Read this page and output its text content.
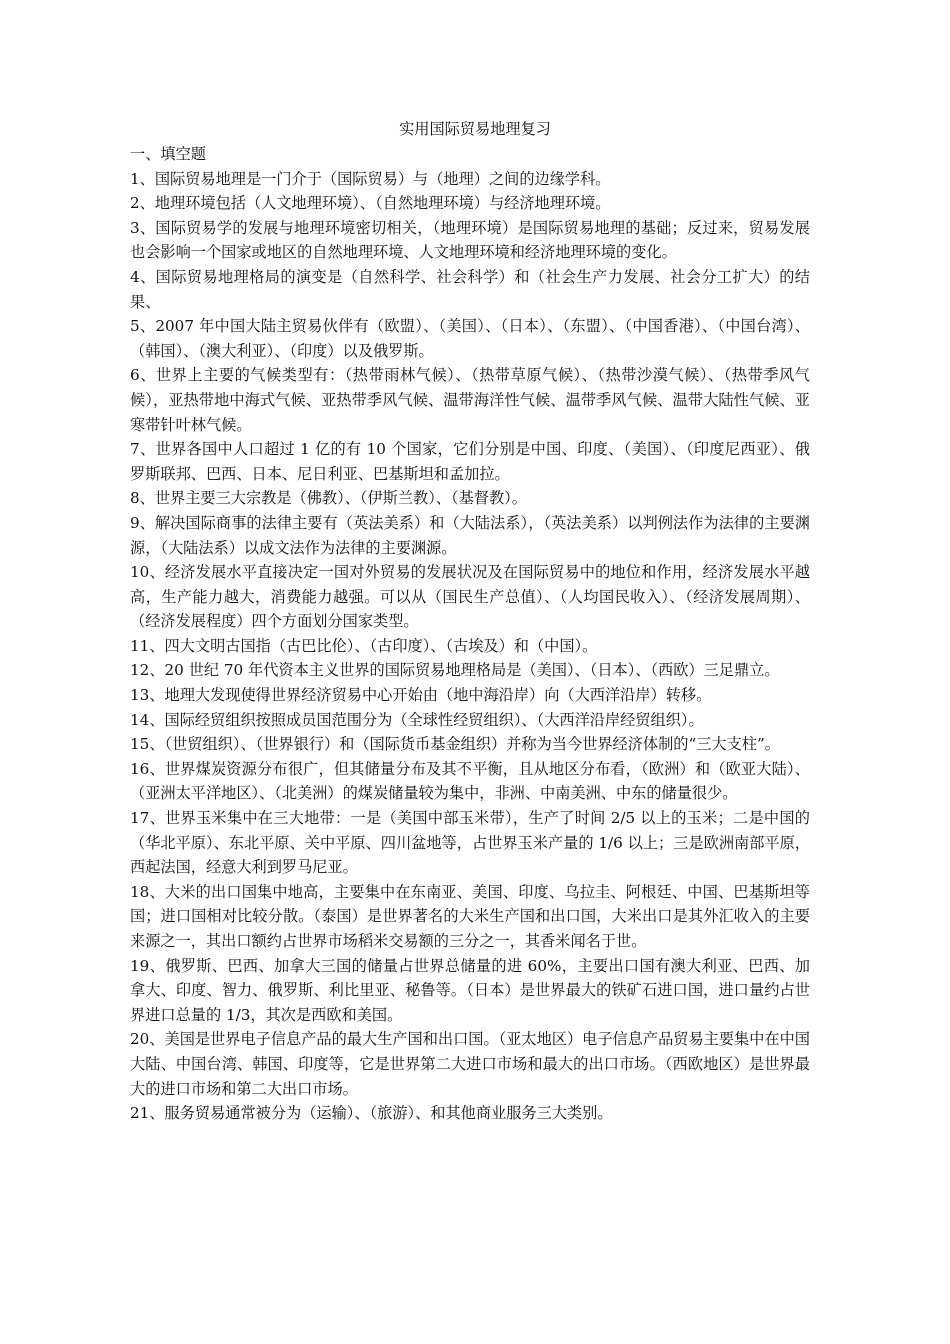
实用国际贸易地理复习

一、填空题

1、国际贸易地理是一门介于（国际贸易）与（地理）之间的边缘学科。

2、地理环境包括（人文地理环境）、（自然地理环境）与经济地理环境。

3、国际贸易学的发展与地理环境密切相关，（地理环境）是国际贸易地理的基础；反过来，贸易发展也会影响一个国家或地区的自然地理环境、人文地理环境和经济地理环境的变化。

4、国际贸易地理格局的演变是（自然科学、社会科学）和（社会生产力发展、社会分工扩大）的结果、

5、2007 年中国大陆主贸易伙伴有（欧盟）、（美国）、（日本）、（东盟）、（中国香港）、（中国台湾）、（韩国）、（澳大利亚）、（印度）以及俄罗斯。

6、世界上主要的气候类型有：（热带雨林气候）、（热带草原气候）、（热带沙漠气候）、（热带季风气候），亚热带地中海式气候、亚热带季风气候、温带海洋性气候、温带季风气候、温带大陆性气候、亚寒带针叶林气候。

7、世界各国中人口超过 1 亿的有 10 个国家，它们分别是中国、印度、（美国）、（印度尼西亚）、俄罗斯联邦、巴西、日本、尼日利亚、巴基斯坦和孟加拉。

8、世界主要三大宗教是（佛教）、（伊斯兰教）、（基督教）。

9、解决国际商事的法律主要有（英法美系）和（大陆法系），（英法美系）以判例法作为法律的主要渊源，（大陆法系）以成文法作为法律的主要渊源。

10、经济发展水平直接决定一国对外贸易的发展状况及在国际贸易中的地位和作用，经济发展水平越高，生产能力越大，消费能力越强。可以从（国民生产总值）、（人均国民收入）、（经济发展周期）、（经济发展程度）四个方面划分国家类型。

11、四大文明古国指（古巴比伦）、（古印度）、（古埃及）和（中国）。

12、20 世纪 70 年代资本主义世界的国际贸易地理格局是（美国）、（日本）、（西欧）三足鼎立。

13、地理大发现使得世界经济贸易中心开始由（地中海沿岸）向（大西洋沿岸）转移。

14、国际经贸组织按照成员国范围分为（全球性经贸组织）、（大西洋沿岸经贸组织）。

15、（世贸组织）、（世界银行）和（国际货币基金组织）并称为当今世界经济体制的“三大支柱”。

16、世界煤炭资源分布很广，但其储量分布及其不平衡，且从地区分布看，（欧洲）和（欧亚大陆）、（亚洲太平洋地区）、（北美洲）的煤炭储量较为集中，非洲、中南美洲、中东的储量很少。

17、世界玉米集中在三大地带：一是（美国中部玉米带），生产了时间 2/5 以上的玉米；二是中国的（华北平原）、东北平原、关中平原、四川盆地等，占世界玉米产量的 1/6 以上；三是欧洲南部平原，西起法国，经意大利到罗马尼亚。

18、大米的出口国集中地高，主要集中在东南亚、美国、印度、乌拉圭、阿根廷、中国、巴基斯坦等国；进口国相对比较分散。（泰国）是世界著名的大米生产国和出口国，大米出口是其外汇收入的主要来源之一，其出口额约占世界市场稻米交易额的三分之一，其香米闻名于世。

19、俄罗斯、巴西、加拿大三国的储量占世界总储量的进 60%，主要出口国有澳大利亚、巴西、加拿大、印度、智力、俄罗斯、利比里亚、秘鲁等。（日本）是世界最大的铁矿石进口国，进口量约占世界进口总量的 1/3，其次是西欧和美国。

20、美国是世界电子信息产品的最大生产国和出口国。（亚太地区）电子信息产品贸易主要集中在中国大陆、中国台湾、韩国、印度等，它是世界第二大进口市场和最大的出口市场。（西欧地区）是世界最大的进口市场和第二大出口市场。

21、服务贸易通常被分为（运输）、（旅游）、和其他商业服务三大类别。
